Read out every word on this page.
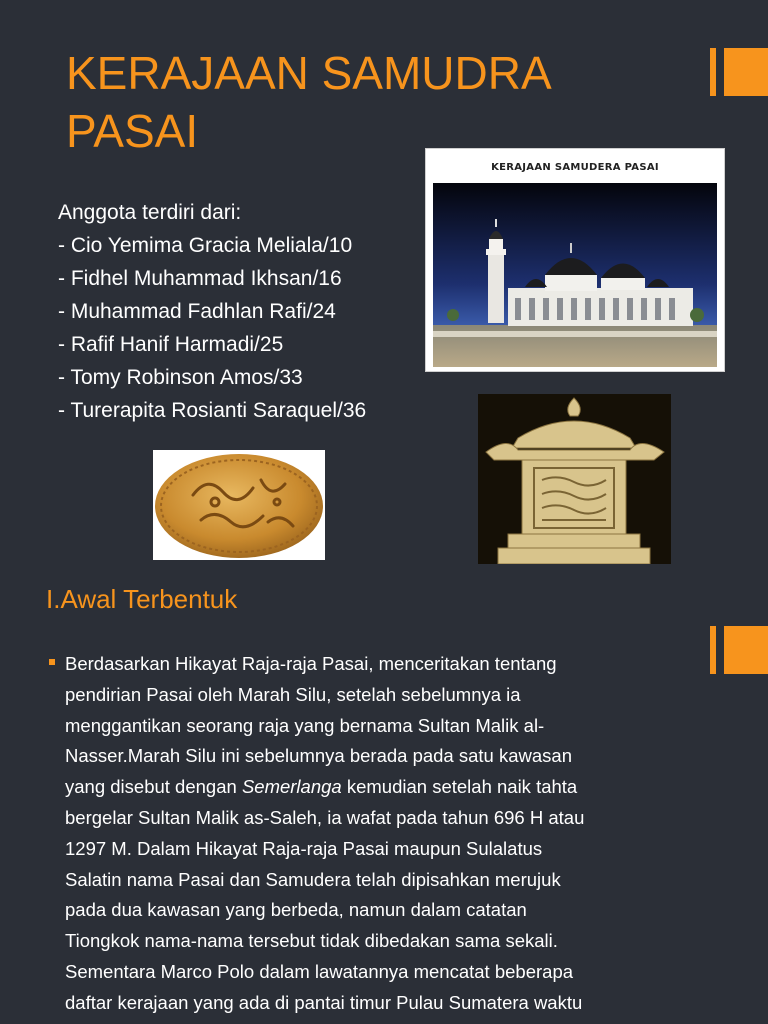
KERAJAAN SAMUDRA PASAI
Anggota terdiri dari:
- Cio Yemima Gracia Meliala/10
- Fidhel Muhammad Ikhsan/16
- Muhammad Fadhlan Rafi/24
- Rafif Hanif Harmadi/25
- Tomy Robinson Amos/33
- Turerapita Rosianti Saraquel/36
KERAJAAN SAMUDERA PASAI
I.Awal Terbentuk
Berdasarkan Hikayat Raja-raja Pasai, menceritakan tentang
pendirian Pasai oleh Marah Silu, setelah sebelumnya ia
menggantikan seorang raja yang bernama Sultan Malik al-
Nasser.Marah Silu ini sebelumnya berada pada satu kawasan
yang disebut dengan Semerlanga kemudian setelah naik tahta
bergelar Sultan Malik as-Saleh, ia wafat pada tahun 696 H atau
1297 M. Dalam Hikayat Raja-raja Pasai maupun Sulalatus
Salatin nama Pasai dan Samudera telah dipisahkan merujuk
pada dua kawasan yang berbeda, namun dalam catatan
Tiongkok nama-nama tersebut tidak dibedakan sama sekali.
Sementara Marco Polo dalam lawatannya mencatat beberapa
daftar kerajaan yang ada di pantai timur Pulau Sumatera waktu
